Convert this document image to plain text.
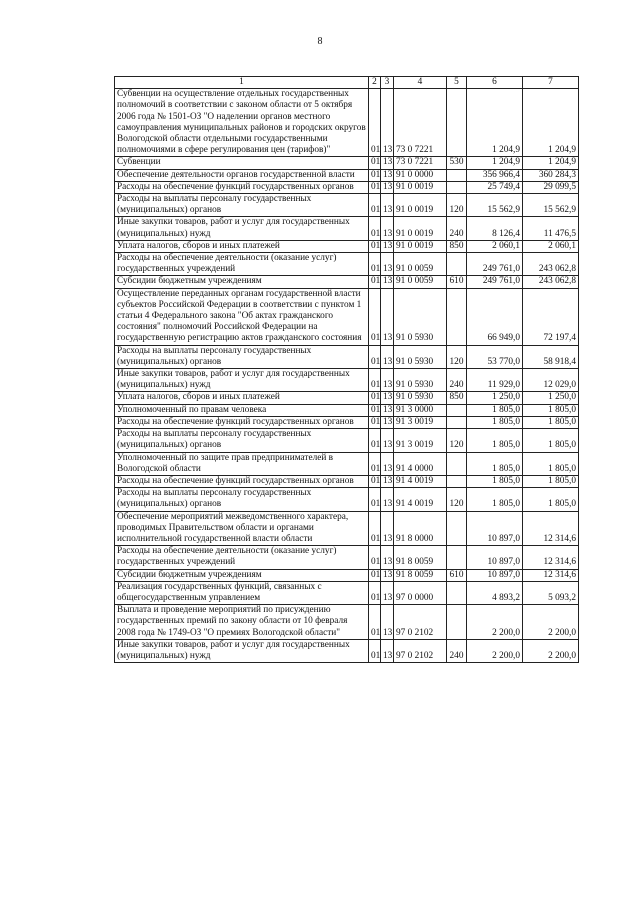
8
1	2	3	4	5	6	7
Субвенции на осуществление отдельных государственных полномочий в соответствии с законом области от 5 октября 2006 года № 1501-ОЗ "О наделении органов местного самоуправления муниципальных районов и городских округов Вологодской области отдельными государственными полномочиями в сфере регулирования цен (тарифов)"	01	13	73 0 7221		1 204,9	1 204,9
Субвенции	01	13	73 0 7221	530	1 204,9	1 204,9
Обеспечение деятельности органов государственной власти	01	13	91 0 0000		356 966,4	360 284,3
Расходы на обеспечение функций государственных органов	01	13	91 0 0019		25 749,4	29 099,5
Расходы на выплаты персоналу государственных (муниципальных) органов	01	13	91 0 0019	120	15 562,9	15 562,9
Иные закупки товаров, работ и услуг для государственных (муниципальных) нужд	01	13	91 0 0019	240	8 126,4	11 476,5
Уплата налогов, сборов и иных платежей	01	13	91 0 0019	850	2 060,1	2 060,1
Расходы на обеспечение деятельности (оказание услуг) государственных учреждений	01	13	91 0 0059		249 761,0	243 062,8
Субсидии бюджетным учреждениям	01	13	91 0 0059	610	249 761,0	243 062,8
Осуществление переданных органам государственной власти субъектов Российской Федерации в соответствии с пунктом 1 статьи 4 Федерального закона "Об актах гражданского состояния" полномочий Российской Федерации на государственную регистрацию актов гражданского состояния	01	13	91 0 5930		66 949,0	72 197,4
Расходы на выплаты персоналу государственных (муниципальных) органов	01	13	91 0 5930	120	53 770,0	58 918,4
Иные закупки товаров, работ и услуг для государственных (муниципальных) нужд	01	13	91 0 5930	240	11 929,0	12 029,0
Уплата налогов, сборов и иных платежей	01	13	91 0 5930	850	1 250,0	1 250,0
Уполномоченный по правам человека	01	13	91 3 0000		1 805,0	1 805,0
Расходы на обеспечение функций государственных органов	01	13	91 3 0019		1 805,0	1 805,0
Расходы на выплаты персоналу государственных (муниципальных) органов	01	13	91 3 0019	120	1 805,0	1 805,0
Уполномоченный по защите прав предпринимателей в Вологодской области	01	13	91 4 0000		1 805,0	1 805,0
Расходы на обеспечение функций государственных органов	01	13	91 4 0019		1 805,0	1 805,0
Расходы на выплаты персоналу государственных (муниципальных) органов	01	13	91 4 0019	120	1 805,0	1 805,0
Обеспечение мероприятий межведомственного характера, проводимых Правительством области и органами исполнительной государственной власти области	01	13	91 8 0000		10 897,0	12 314,6
Расходы на обеспечение деятельности (оказание услуг) государственных учреждений	01	13	91 8 0059		10 897,0	12 314,6
Субсидии бюджетным учреждениям	01	13	91 8 0059	610	10 897,0	12 314,6
Реализация государственных функций, связанных с общегосударственным управлением	01	13	97 0 0000		4 893,2	5 093,2
Выплата и проведение мероприятий по присуждению государственных премий по закону области от 10 февраля 2008 года № 1749-ОЗ "О премиях Вологодской области"	01	13	97 0 2102		2 200,0	2 200,0
Иные закупки товаров, работ и услуг для государственных (муниципальных) нужд	01	13	97 0 2102	240	2 200,0	2 200,0
